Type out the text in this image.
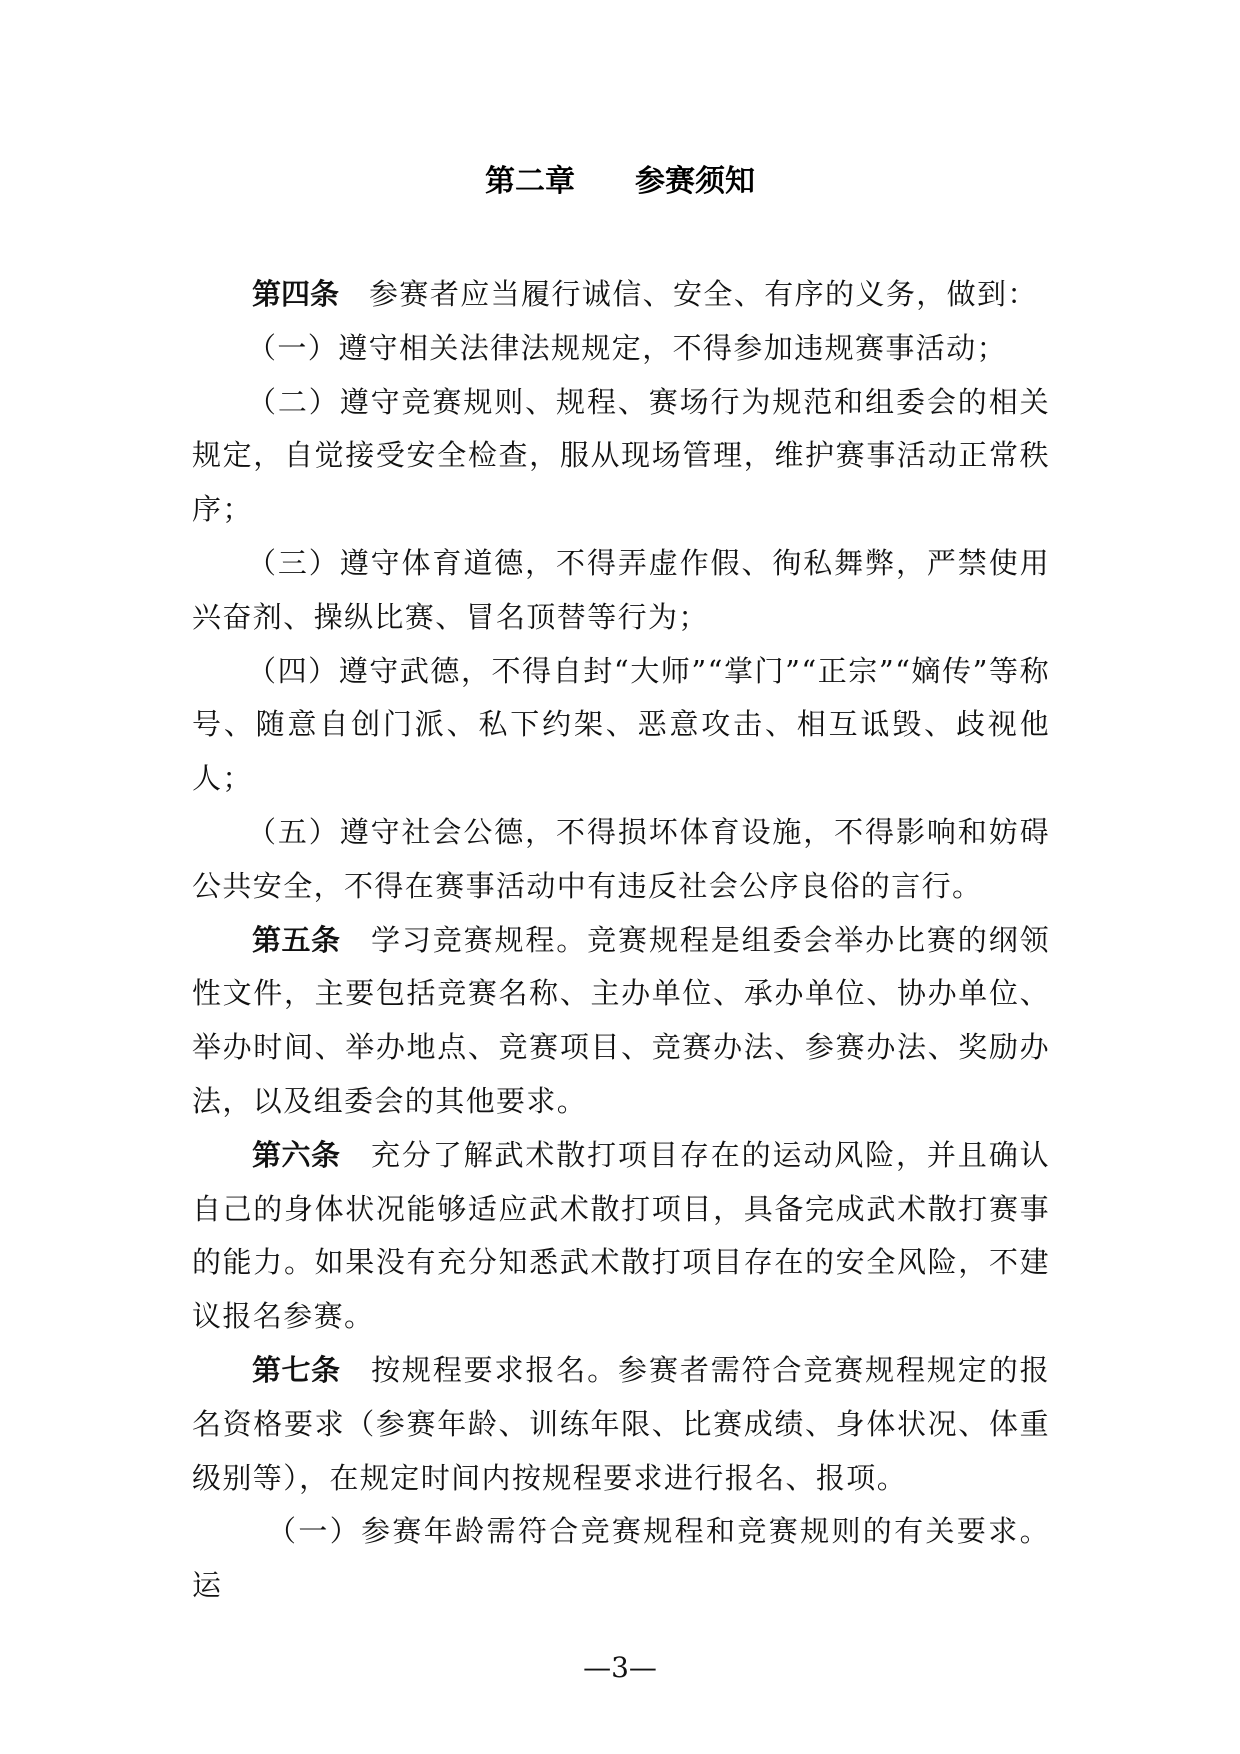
第二章　　参赛须知

第四条 参赛者应当履行诚信、安全、有序的义务，做到：

（一）遵守相关法律法规规定，不得参加违规赛事活动；

（二）遵守竞赛规则、规程、赛场行为规范和组委会的相关规定，自觉接受安全检查，服从现场管理，维护赛事活动正常秩序；

（三）遵守体育道德，不得弄虚作假、徇私舞弊，严禁使用兴奋剂、操纵比赛、冒名顶替等行为；

（四）遵守武德，不得自封“大师”“掌门”“正宗”“嫡传”等称号、随意自创门派、私下约架、恶意攻击、相互诋毁、歧视他人；

（五）遵守社会公德，不得损坏体育设施，不得影响和妨碍公共安全，不得在赛事活动中有违反社会公序良俗的言行。

第五条 学习竞赛规程。竞赛规程是组委会举办比赛的纲领性文件，主要包括竞赛名称、主办单位、承办单位、协办单位、举办时间、举办地点、竞赛项目、竞赛办法、参赛办法、奖励办法，以及组委会的其他要求。

第六条 充分了解武术散打项目存在的运动风险，并且确认自己的身体状况能够适应武术散打项目，具备完成武术散打赛事的能力。如果没有充分知悉武术散打项目存在的安全风险，不建议报名参赛。

第七条 按规程要求报名。参赛者需符合竞赛规程规定的报名资格要求（参赛年龄、训练年限、比赛成绩、身体状况、体重级别等），在规定时间内按规程要求进行报名、报项。

（一）参赛年龄需符合竞赛规程和竞赛规则的有关要求。运

—3—
